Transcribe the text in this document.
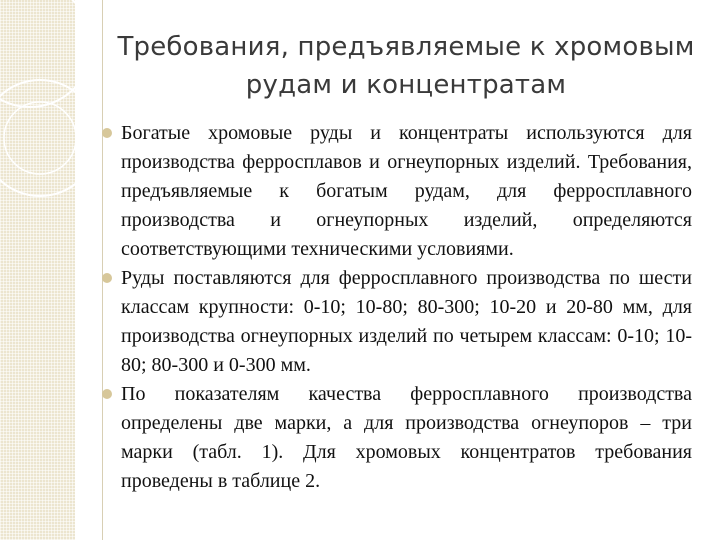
Требования, предъявляемые к хромовым
рудам и концентратам
Богатые хромовые руды и концентраты используются для производства ферросплавов и огнеупорных изделий. Требования, предъявляемые к богатым рудам, для ферросплавного производства и огнеупорных изделий, определяются соответствующими техническими условиями.
Руды поставляются для ферросплавного производства по шести классам крупности: 0-10; 10-80; 80-300; 10-20 и 20-80 мм, для производства огнеупорных изделий по четырем классам: 0-10; 10-80; 80-300 и 0-300 мм.
По показателям качества ферросплавного производства определены две марки, а для производства огнеупоров – три марки (табл. 1). Для хромовых концентратов требования проведены в таблице 2.
